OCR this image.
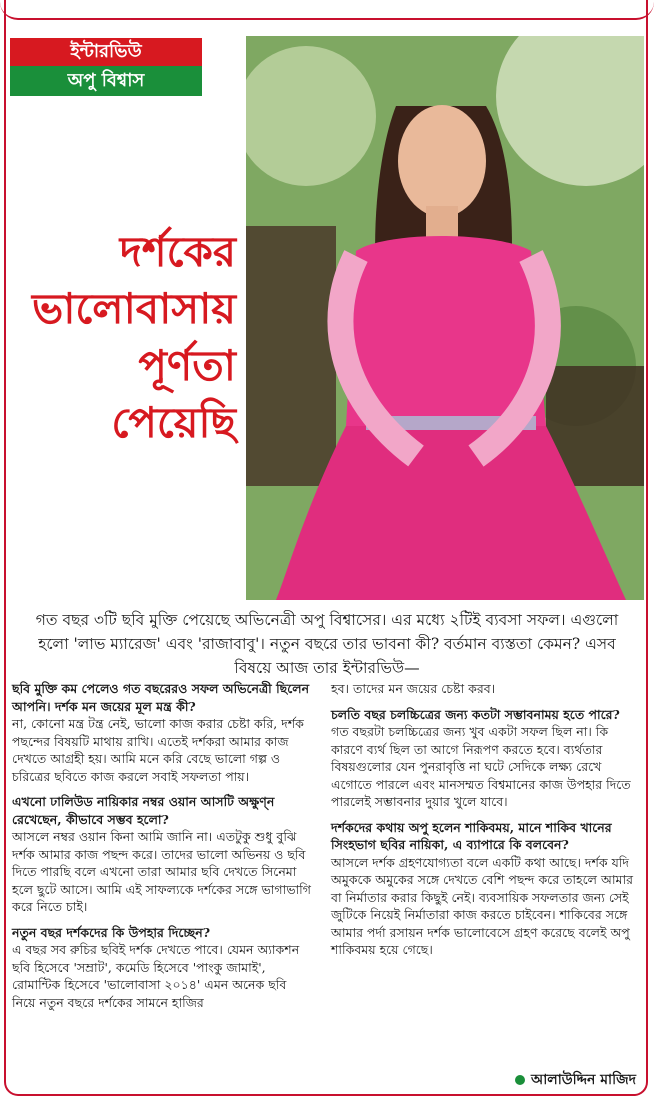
ইন্টারভিউ
অপু বিশ্বাস
দর্শকের
ভালোবাসায়
পূর্ণতা
পেয়েছি
গত বছর ৩টি ছবি মুক্তি পেয়েছে অভিনেত্রী অপু বিশ্বাসের। এর মধ্যে ২টিই ব্যবসা সফল। এগুলো হলো 'লাভ ম্যারেজ' এবং 'রাজাবাবু'। নতুন বছরে তার ভাবনা কী? বর্তমান ব্যস্ততা কেমন? এসব বিষয়ে আজ তার ইন্টারভিউ—

ছবি মুক্তি কম পেলেও গত বছরেরও সফল অভিনেত্রী ছিলেন আপনি। দর্শক মন জয়ের মূল মন্ত্র কী?

না, কোনো মন্ত্র টন্ত্র নেই, ভালো কাজ করার চেষ্টা করি, দর্শক পছন্দের বিষয়টি মাথায় রাখি। এতেই দর্শকরা আমার কাজ দেখতে আগ্রহী হয়। আমি মনে করি বেছে ভালো গল্প ও চরিত্রের ছবিতে কাজ করলে সবাই সফলতা পায়।

এখনো ঢালিউড নায়িকার নম্বর ওয়ান আসটি অক্ষুণ্ন রেখেছেন, কীভাবে সম্ভব হলো?

আসলে নম্বর ওয়ান কিনা আমি জানি না। এতটুকু শুধু বুঝি দর্শক আমার কাজ পছন্দ করে। তাদের ভালো অভিনয় ও ছবি দিতে পারছি বলে এখনো তারা আমার ছবি দেখতে সিনেমা হলে ছুটে আসে। আমি এই সাফল্যকে দর্শকের সঙ্গে ভাগাভাগি করে নিতে চাই।

নতুন বছর দর্শকদের কি উপহার দিচ্ছেন?

এ বছর সব রুচির ছবিই দর্শক দেখতে পাবে। যেমন অ্যাকশন ছবি হিসেবে 'সম্রাট', কমেডি হিসেবে 'পাংকু জামাই', রোমান্টিক হিসেবে 'ভালোবাসা ২০১৪' এমন অনেক ছবি নিয়ে নতুন বছরে দর্শকের সামনে হাজির

হব। তাদের মন জয়ের চেষ্টা করব।

চলতি বছর চলচ্চিত্রের জন্য কতটা সম্ভাবনাময় হতে পারে?

গত বছরটা চলচ্চিত্রের জন্য খুব একটা সফল ছিল না। কি কারণে ব্যর্থ ছিল তা আগে নিরূপণ করতে হবে। ব্যর্থতার বিষয়গুলোর যেন পুনরাবৃত্তি না ঘটে সেদিকে লক্ষ্য রেখে এগোতে পারলে এবং মানসম্মত বিশ্বমানের কাজ উপহার দিতে পারলেই সম্ভাবনার দুয়ার খুলে যাবে।

দর্শকদের কথায় অপু হলেন শাকিবময়, মানে শাকিব খানের সিংহভাগ ছবির নায়িকা, এ ব্যাপারে কি বলবেন?

আসলে দর্শক গ্রহণযোগ্যতা বলে একটি কথা আছে। দর্শক যদি অমুককে অমুকের সঙ্গে দেখতে বেশি পছন্দ করে তাহলে আমার বা নির্মাতার করার কিছুই নেই। ব্যবসায়িক সফলতার জন্য সেই জুটিকে নিয়েই নির্মাতারা কাজ করতে চাইবেন। শাকিবের সঙ্গে আমার পর্দা রসায়ন দর্শক ভালোবেসে গ্রহণ করেছে বলেই অপু শাকিবময় হয়ে গেছে।

আলাউদ্দিন মাজিদ
